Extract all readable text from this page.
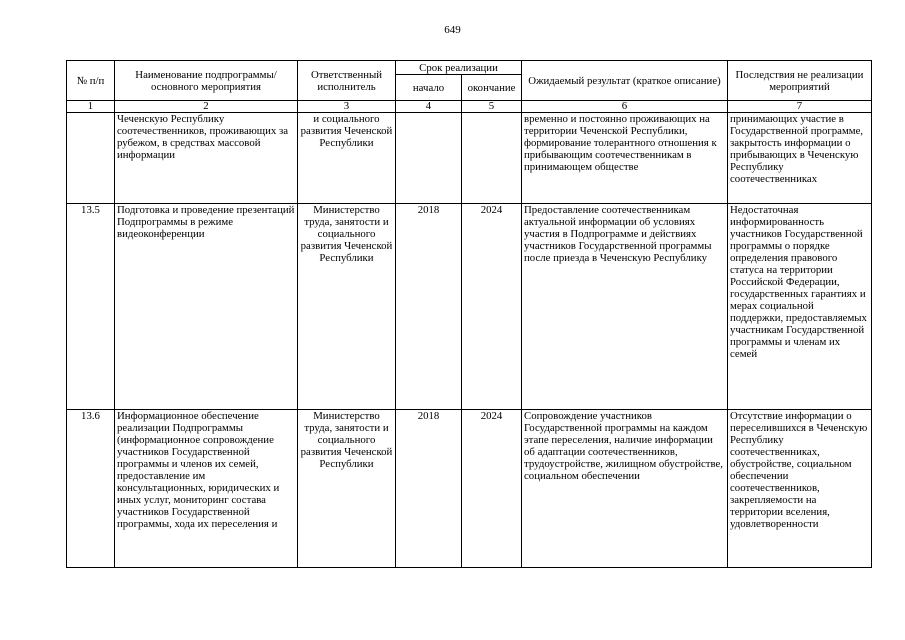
649
№ п/п	Наименование подпрограммы/ основного мероприятия	Ответственный исполнитель	Срок реализации		Ожидаемый результат (краткое описание)	Последствия не реализации мероприятий
			начало	окончание		
1	2	3	4	5	6	7
	Чеченскую Республику соотечественников, проживающих за рубежом, в средствах массовой информации	и социального развития Чеченской Республики			временно и постоянно проживающих на территории Чеченской Республики, формирование толерантного отношения к прибывающим соотечественникам в принимающем обществе	принимающих участие в Государственной программе, закрытость информации о прибывающих в Чеченскую Республику соотечественниках
13.5	Подготовка и проведение презентаций Подпрограммы в режиме видеоконференции	Министерство труда, занятости и социального развития Чеченской Республики	2018	2024	Предоставление соотечественникам актуальной информации об условиях участия в Подпрограмме и действиях участников Государственной программы после приезда в Чеченскую Республику	Недостаточная информированность участников Государственной программы о порядке определения правового статуса на территории Российской Федерации, государственных гарантиях и мерах социальной поддержки, предоставляемых участникам Государственной программы и членам их семей
13.6	Информационное обеспечение реализации Подпрограммы (информационное сопровождение участников Государственной программы и членов их семей, предоставление им консультационных, юридических и иных услуг, мониторинг состава участников Государственной программы, хода их переселения и	Министерство труда, занятости и социального развития Чеченской Республики	2018	2024	Сопровождение участников Государственной программы на каждом этапе переселения, наличие информации об адаптации соотечественников, трудоустройстве, жилищном обустройстве, социальном обеспечении	Отсутствие информации о переселившихся в Чеченскую Республику соотечественниках, обустройстве, социальном обеспечении соотечественников, закрепляемости на территории вселения, удовлетворенности
